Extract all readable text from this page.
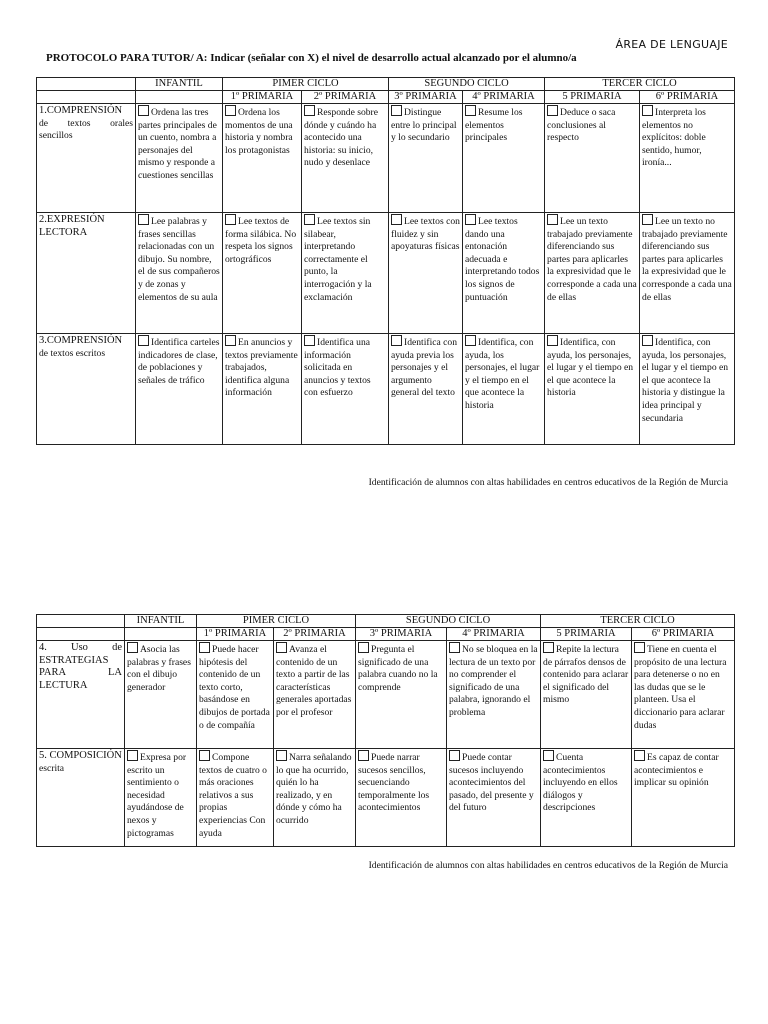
ÁREA DE LENGUAJE
PROTOCOLO PARA TUTOR/ A: Indicar (señalar con X) el nivel de desarrollo actual alcanzado por el alumno/a
	INFANTIL	PIMER CICLO		SEGUNDO CICLO		TERCER CICLO	
		1º PRIMARIA	2º PRIMARIA	3º PRIMARIA	4º PRIMARIA	5 PRIMARIA	6º PRIMARIA
1.COMPRENSIÓN

de textos orales sencillos	Ordena las tres partes principales de un cuento, nombra a personajes del mismo y responde a cuestiones sencillas	Ordena los momentos de una historia y nombra los protagonistas	Responde sobre dónde y cuándo ha acontecido una historia: su inicio, nudo y desenlace	Distingue entre lo principal y lo secundario	Resume los elementos principales	Deduce o saca conclusiones al respecto	Interpreta los elementos no explícitos: doble sentido, humor, ironía...
2.EXPRESIÓN LECTORA	Lee palabras y frases sencillas relacionadas con un dibujo. Su nombre, el de sus compañeros y de zonas y elementos de su aula	Lee textos de forma silábica. No respeta los signos ortográficos	Lee textos sin silabear, interpretando correctamente el punto, la interrogación y la exclamación	Lee textos con fluidez y sin apoyaturas físicas	Lee textos dando una entonación adecuada e interpretando todos los signos de puntuación	Lee un texto trabajado previamente diferenciando sus partes para aplicarles la expresividad que le corresponde a cada una de ellas	Lee un texto no trabajado previamente diferenciando sus partes para aplicarles la expresividad que le corresponde a cada una de ellas
3.COMPRENSIÓN
de textos escritos	Identifica carteles indicadores de clase, de poblaciones y señales de tráfico	En anuncios y textos previamente trabajados, identifica alguna información	Identifica una información solicitada en anuncios y textos con esfuerzo	Identifica con ayuda previa los personajes y el argumento general del texto	Identifica, con ayuda, los personajes, el lugar y el tiempo en el que acontece la historia	Identifica, con ayuda, los personajes, el lugar y el tiempo en el que acontece la historia	Identifica, con ayuda, los personajes, el lugar y el tiempo en el que acontece la historia y distingue la idea principal y secundaria
Identificación de alumnos con altas habilidades en centros educativos de la Región de Murcia
	INFANTIL	PIMER CICLO		SEGUNDO CICLO		TERCER CICLO	
		1º PRIMARIA	2º PRIMARIA	3º PRIMARIA	4º PRIMARIA	5 PRIMARIA	6º PRIMARIA
4. Uso de ESTRATEGIAS PARA LA LECTURA	Asocia las palabras y frases con el dibujo generador	Puede hacer hipótesis del contenido de un texto corto, basándose en dibujos de portada o de compañía	Avanza el contenido de un texto a partir de las características generales aportadas por el profesor	Pregunta el significado de una palabra cuando no la comprende	No se bloquea en la lectura de un texto por no comprender el significado de una palabra, ignorando el problema	Repite la lectura de párrafos densos de contenido para aclarar el significado del mismo	Tiene en cuenta el propósito de una lectura para detenerse o no en las dudas que se le planteen. Usa el diccionario para aclarar dudas
5. COMPOSICIÓN
escrita	Expresa por escrito un sentimiento o necesidad ayudándose de nexos y pictogramas	Compone textos de cuatro o más oraciones relativos a sus propias experiencias Con ayuda	Narra señalando lo que ha ocurrido, quién lo ha realizado, y en dónde y cómo ha ocurrido	Puede narrar sucesos sencillos, secuenciando temporalmente los acontecimientos	Puede contar sucesos incluyendo acontecimientos del pasado, del presente y del futuro	Cuenta acontecimientos incluyendo en ellos diálogos y descripciones	Es capaz de contar acontecimientos e implicar su opinión
Identificación de alumnos con altas habilidades en centros educativos de la Región de Murcia
